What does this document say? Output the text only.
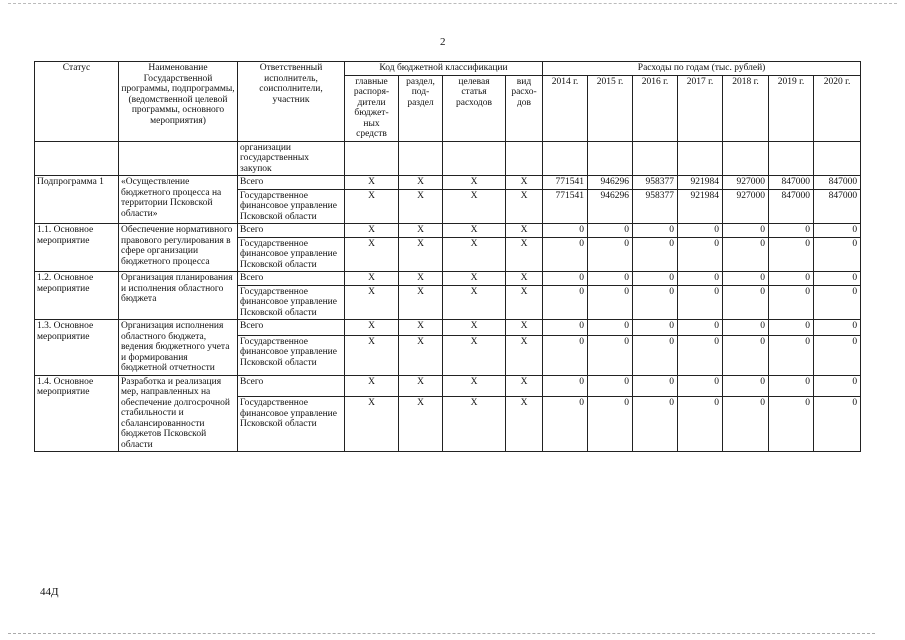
2
Статус	Наименование Государственной программы, подпрограммы, (ведомственной целевой программы, основного мероприятия)	Ответственный исполнитель, соисполнители, участник	Код бюджетной классификации				Расходы по годам (тыс. рублей)						
			главные распоря-дители бюджет-ных средств	раздел, под-раздел	целевая статья расходов	вид расхо-дов	2014 г.	2015 г.	2016 г.	2017 г.	2018 г.	2019 г.	2020 г.
		организации государственных закупок											
Подпрограмма 1	«Осуществление бюджетного процесса на территории Псковской области»	Всего	X	X	X	X	771541	946296	958377	921984	927000	847000	847000
		Государственное финансовое управление Псковской области	X	X	X	X	771541	946296	958377	921984	927000	847000	847000
1.1. Основное мероприятие	Обеспечение нормативного правового регулирования в сфере организации бюджетного процесса	Всего	X	X	X	X	0	0	0	0	0	0	0
		Государственное финансовое управление Псковской области	X	X	X	X	0	0	0	0	0	0	0
1.2. Основное мероприятие	Организация планирования и исполнения областного бюджета	Всего	X	X	X	X	0	0	0	0	0	0	0
		Государственное финансовое управление Псковской области	X	X	X	X	0	0	0	0	0	0	0
1.3. Основное мероприятие	Организация исполнения областного бюджета, ведения бюджетного учета и формирования бюджетной отчетности	Всего	X	X	X	X	0	0	0	0	0	0	0
		Государственное финансовое управление Псковской области	X	X	X	X	0	0	0	0	0	0	0
1.4. Основное мероприятие	Разработка и реализация мер, направленных на обеспечение долгосрочной стабильности и сбалансированности бюджетов Псковской области	Всего	X	X	X	X	0	0	0	0	0	0	0
		Государственное финансовое управление Псковской области	X	X	X	X	0	0	0	0	0	0	0
44Д
